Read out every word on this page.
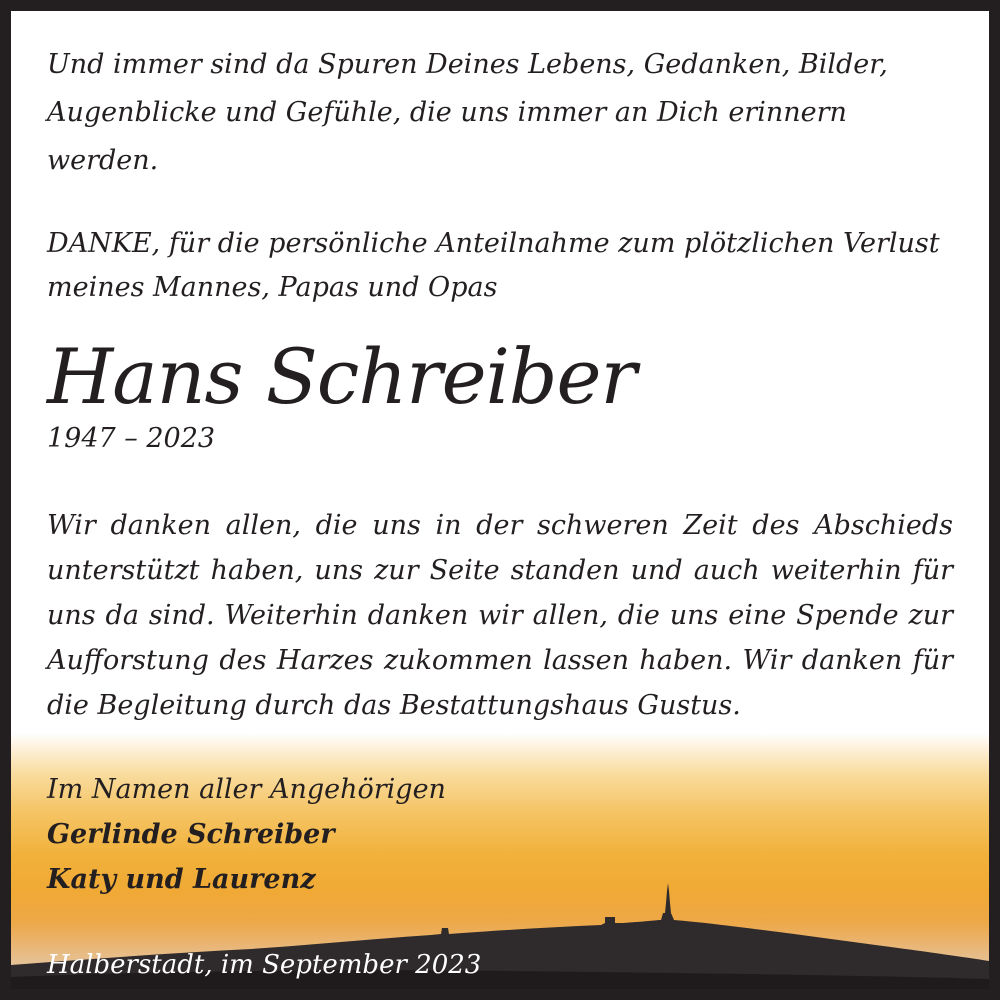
Und immer sind da Spuren Deines Lebens, Gedanken, Bilder, Augenblicke und Gefühle, die uns immer an Dich erinnern werden.

DANKE, für die persönliche Anteilnahme zum plötzlichen Verlust meines Mannes, Papas und Opas

Hans Schreiber
1947 – 2023

Wir danken allen, die uns in der schweren Zeit des Abschieds unterstützt haben, uns zur Seite standen und auch weiterhin für uns da sind. Weiterhin danken wir allen, die uns eine Spende zur Aufforstung des Harzes zukommen lassen haben. Wir danken für die Begleitung durch das Bestattungshaus Gustus.

Im Namen aller Angehörigen
Gerlinde Schreiber
Katy und Laurenz
Halberstadt, im September 2023
